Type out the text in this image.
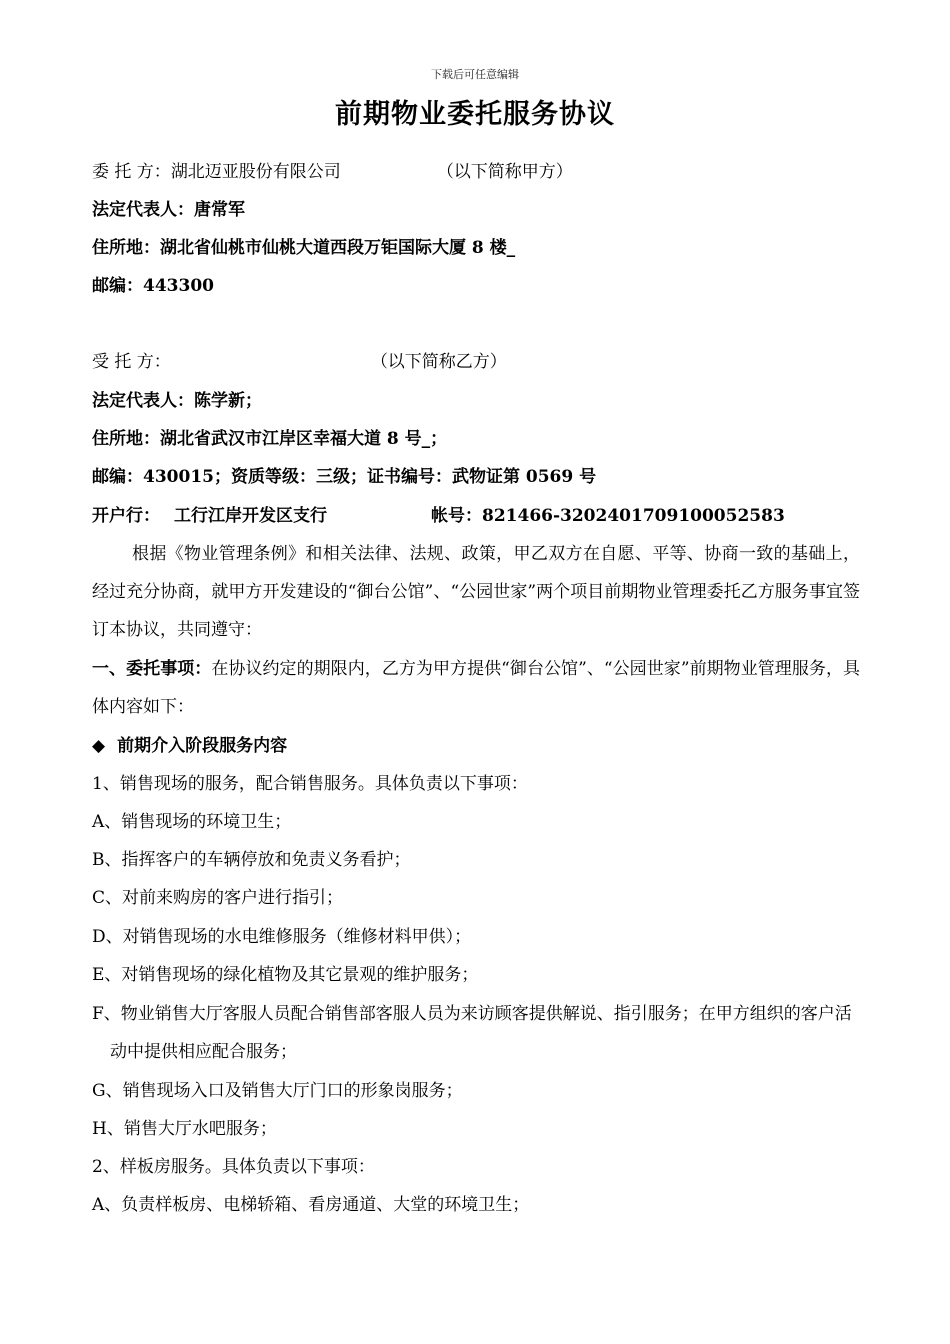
下载后可任意编辑
前期物业委托服务协议
委 托 方：湖北迈亚股份有限公司	（以下简称甲方）
法定代表人：唐常军
住所地：湖北省仙桃市仙桃大道西段万钜国际大厦 8 楼_
邮编：443300
受 托 方：	（以下简称乙方）
法定代表人：陈学新；
住所地：湖北省武汉市江岸区幸福大道 8 号_；
邮编：430015；资质等级：三级；证书编号：武物证第 0569 号
开户行： 工行江岸开发区支行	帐号：821466-3202401709100052583
根据《物业管理条例》和相关法律、法规、政策，甲乙双方在自愿、平等、协商一致的基础上，经过充分协商，就甲方开发建设的“御台公馆”、“公园世家”两个项目前期物业管理委托乙方服务事宜签订本协议，共同遵守：
一、委托事项：在协议约定的期限内，乙方为甲方提供“御台公馆”、“公园世家”前期物业管理服务，具体内容如下：
◆ 前期介入阶段服务内容
1、销售现场的服务，配合销售服务。具体负责以下事项：
A、销售现场的环境卫生；
B、指挥客户的车辆停放和免责义务看护；
C、对前来购房的客户进行指引；
D、对销售现场的水电维修服务（维修材料甲供）；
E、对销售现场的绿化植物及其它景观的维护服务；
F、物业销售大厅客服人员配合销售部客服人员为来访顾客提供解说、指引服务；在甲方组织的客户活动中提供相应配合服务；
G、销售现场入口及销售大厅门口的形象岗服务；
H、销售大厅水吧服务；
2、样板房服务。具体负责以下事项：
A、负责样板房、电梯轿箱、看房通道、大堂的环境卫生；
